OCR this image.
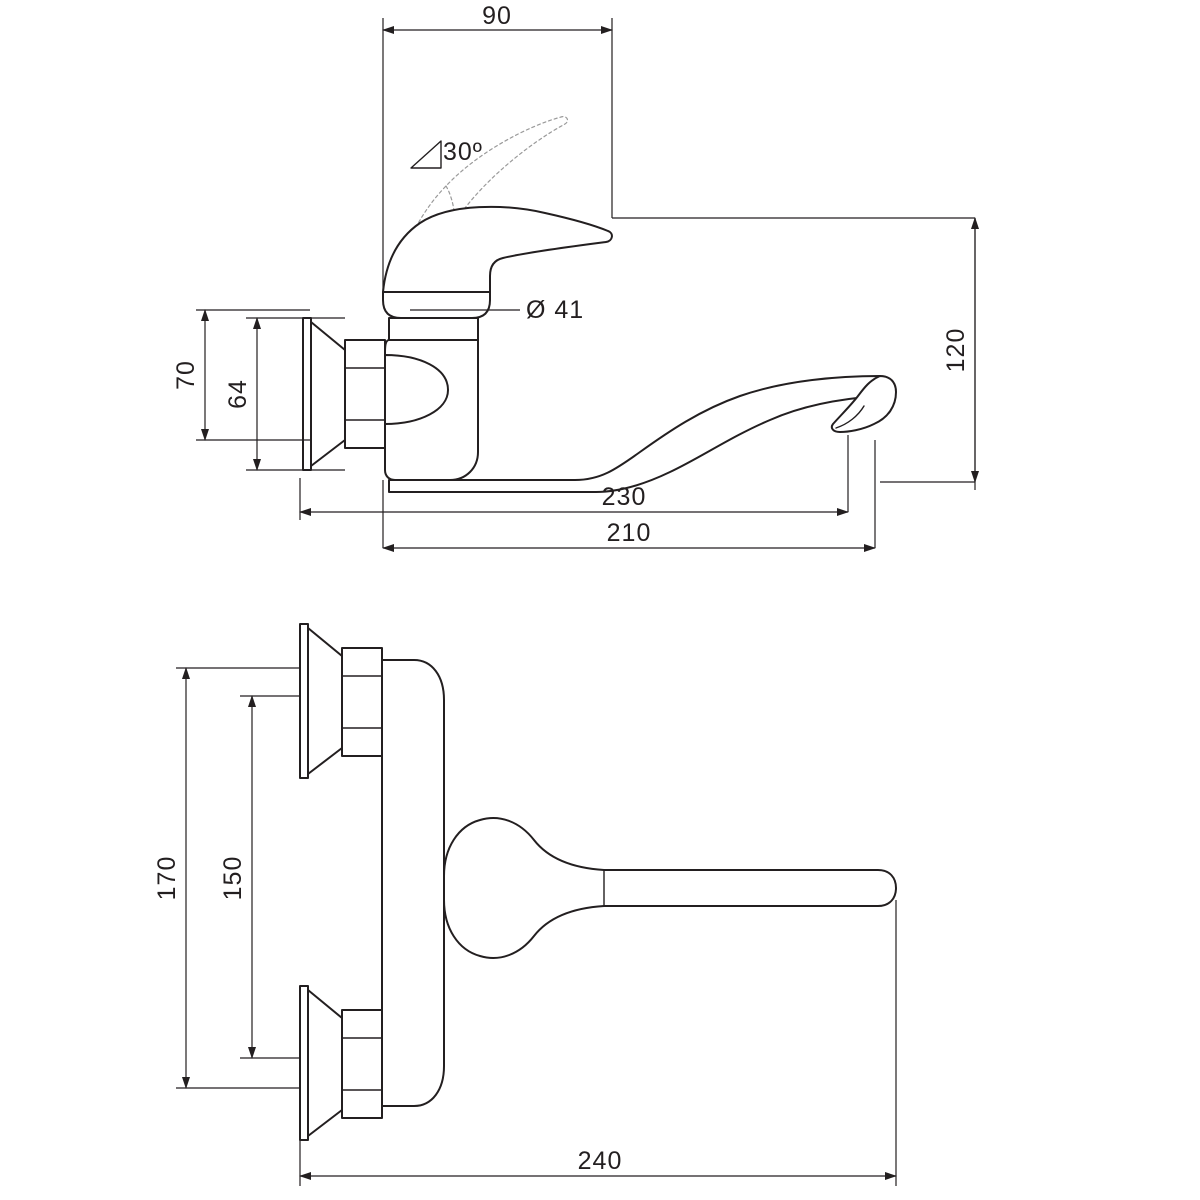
90
30º
Ø 41
120
70
64
230
210
170 150
240
